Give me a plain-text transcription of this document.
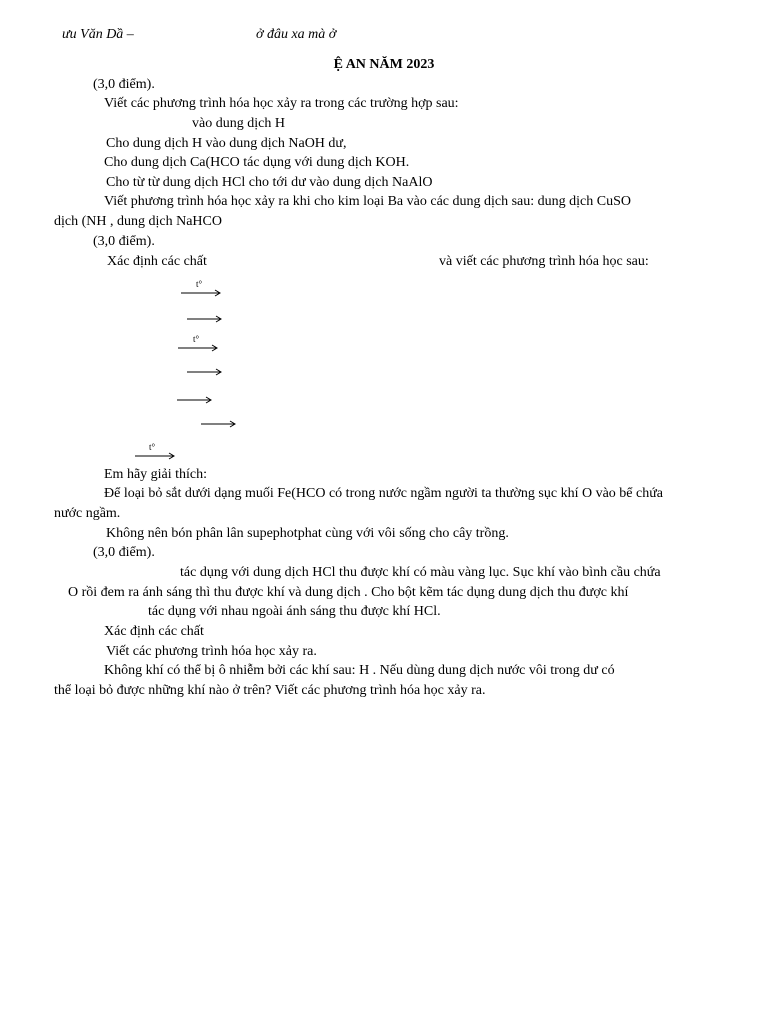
ưu Văn Dầ –	ở đâu xa mà ở
Ệ AN NĂM 2023
(3,0 điểm).
Viết các phương trình hóa học xảy ra trong các trường hợp sau:
vào dung dịch H
Cho dung dịch H vào dung dịch NaOH dư,
Cho dung dịch Ca(HCO tác dụng với dung dịch KOH.
Cho từ từ dung dịch HCl cho tới dư vào dung dịch NaAlO
Viết phương trình hóa học xảy ra khi cho kim loại Ba vào các dung dịch sau: dung dịch CuSO
dịch (NH , dung dịch NaHCO
(3,0 điểm).
Xác định các chất	và viết các phương trình hóa học sau:
t°
t°
t°
Em hãy giải thích:
Để loại bỏ sắt dưới dạng muối Fe(HCO có trong nước ngầm người ta thường sục khí O vào bể chứa
nước ngầm.
Không nên bón phân lân supephotphat cùng với vôi sống cho cây trồng.
(3,0 điểm).
tác dụng với dung dịch HCl thu được khí có màu vàng lục. Sục khí vào bình cầu chứa
O rồi đem ra ánh sáng thì thu được khí và dung dịch . Cho bột kẽm tác dụng dung dịch thu được khí
tác dụng với nhau ngoài ánh sáng thu được khí HCl.
Xác định các chất
Viết các phương trình hóa học xảy ra.
Không khí có thể bị ô nhiễm bởi các khí sau: H . Nếu dùng dung dịch nước vôi trong dư có
thể loại bỏ được những khí nào ở trên? Viết các phương trình hóa học xảy ra.
